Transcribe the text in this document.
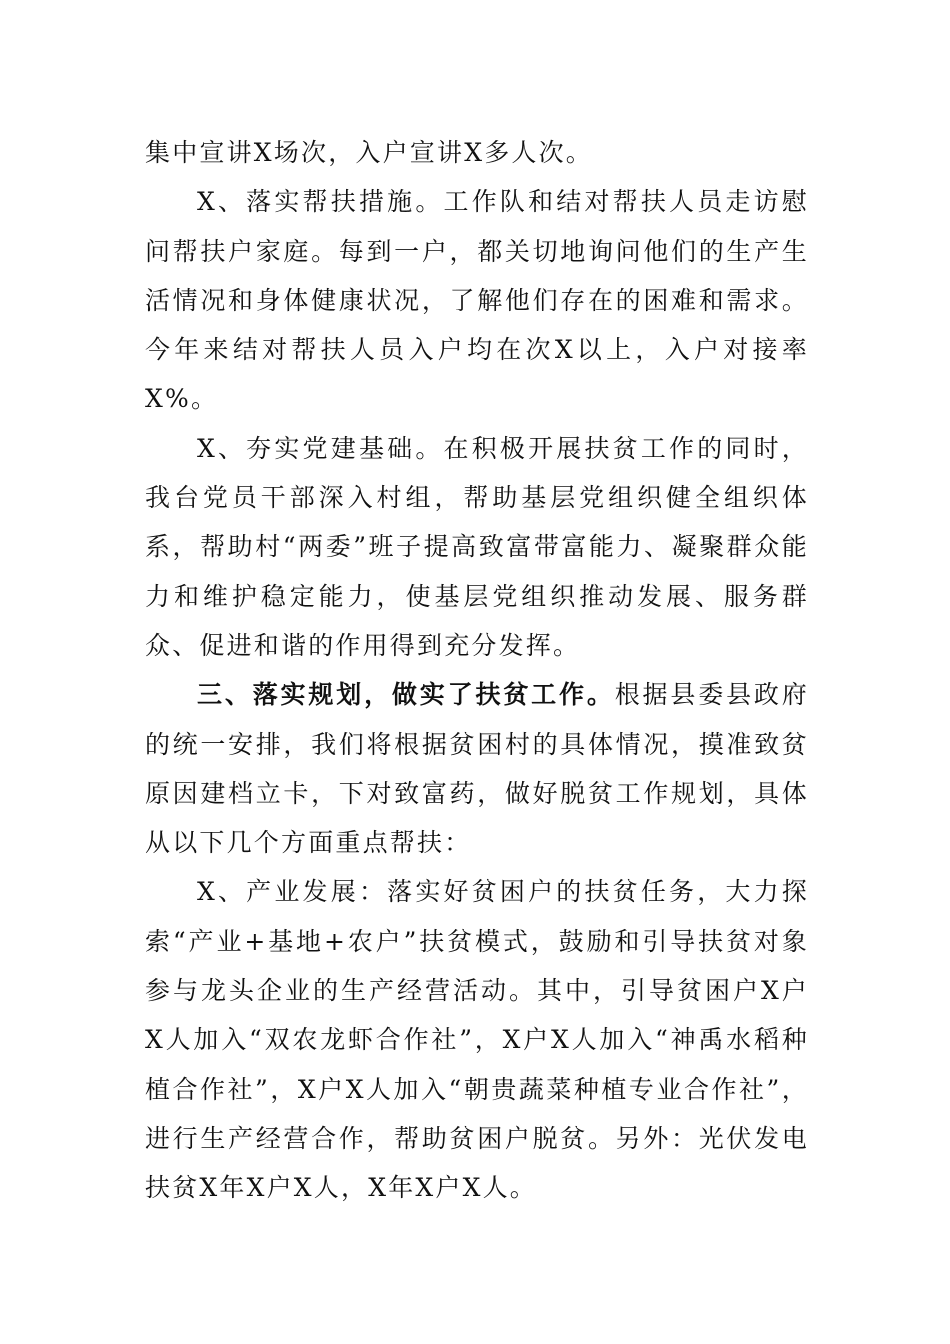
集中宣讲X场次，入户宣讲X多人次。

X、落实帮扶措施。工作队和结对帮扶人员走访慰问帮扶户家庭。每到一户，都关切地询问他们的生产生活情况和身体健康状况，了解他们存在的困难和需求。今年来结对帮扶人员入户均在次X以上，入户对接率X%。

X、夯实党建基础。在积极开展扶贫工作的同时，我台党员干部深入村组，帮助基层党组织健全组织体系，帮助村“两委”班子提高致富带富能力、凝聚群众能力和维护稳定能力，使基层党组织推动发展、服务群众、促进和谐的作用得到充分发挥。

三、落实规划，做实了扶贫工作。根据县委县政府的统一安排，我们将根据贫困村的具体情况，摸准致贫原因建档立卡，下对致富药，做好脱贫工作规划，具体从以下几个方面重点帮扶：

X、产业发展：落实好贫困户的扶贫任务，大力探索“产业+基地+农户”扶贫模式，鼓励和引导扶贫对象参与龙头企业的生产经营活动。其中，引导贫困户X户X人加入“双农龙虾合作社”，X户X人加入“神禹水稻种植合作社”，X户X人加入“朝贵蔬菜种植专业合作社”，进行生产经营合作，帮助贫困户脱贫。另外：光伏发电扶贫X年X户X人，X年X户X人。
